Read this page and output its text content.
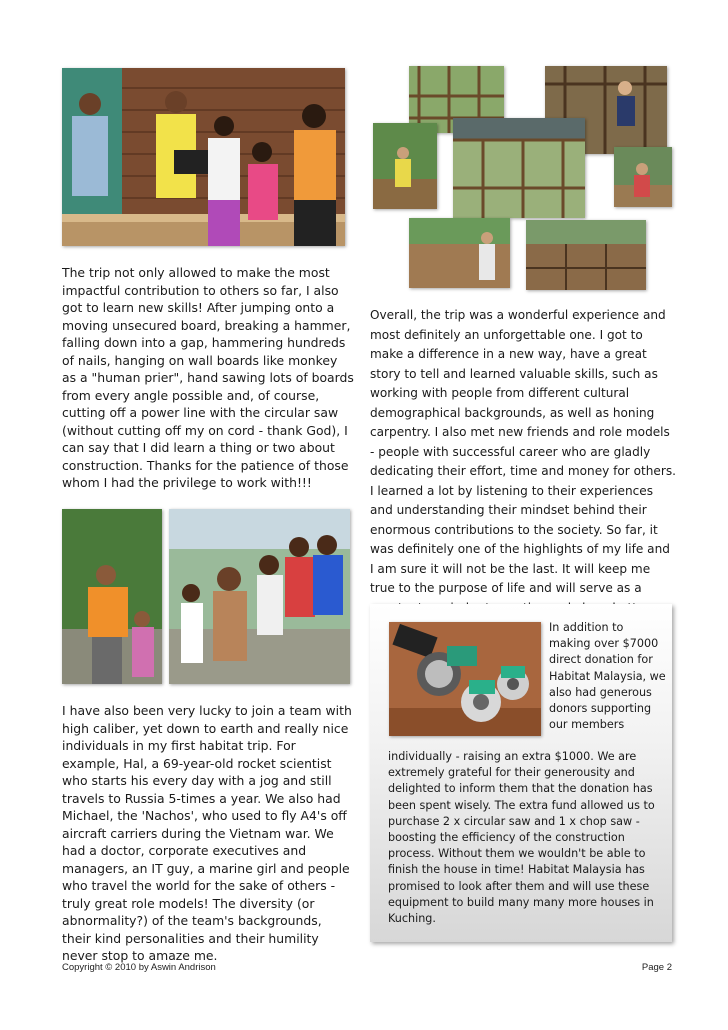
The trip not only allowed to make the most impactful contribution to others so far, I also got to learn new skills! After jumping onto a moving unsecured board, breaking a hammer, falling down into a gap, hammering hundreds of nails, hanging on wall boards like monkey as a "human prier", hand sawing lots of boards from every angle possible and, of course, cutting off a power line with the circular saw (without cutting off my on cord - thank God), I can say that I did learn a thing or two about construction. Thanks for the patience of those whom I had the privilege to work with!!!

Overall, the trip was a wonderful experience and most definitely an unforgettable one. I got to make a difference in a new way, have a great story to tell and learned valuable skills, such as working with people from different cultural demographical backgrounds, as well as honing carpentry. I also met new friends and role models - people with successful career who are gladly dedicating their effort, time and money for others. I learned a lot by listening to their experiences and understanding their mindset behind their enormous contributions to the society. So far, it was definitely one of the highlights of my life and I am sure it will not be the last. It will keep me true to the purpose of life and will serve as a

I have also been very lucky to join a team with high caliber, yet down to earth and really nice individuals in my first habitat trip. For example, Hal, a 69-year-old rocket scientist who starts his every day with a jog and still travels to Russia 5-times a year. We also had Michael, the 'Nachos', who used to fly A4's off aircraft carriers during the Vietnam war. We had a doctor, corporate executives and managers, an IT guy, a marine girl and people who travel the world for the sake of others - truly great role models! The diversity (or abnormality?) of the team's backgrounds, their kind personalities and their humility never stop to amaze me.

In addition to making over $7000 direct donation for Habitat Malaysia, we also had generous donors supporting our members

individually - raising an extra $1000. We are extremely grateful for their generousity and delighted to inform them that the donation has been spent wisely. The extra fund allowed us to purchase 2 x circular saw and 1 x chop saw - boosting the efficiency of the construction process. Without them we wouldn't be able to finish the house in time! Habitat Malaysia has promised to look after them and will use these equipment to build many many more houses in Kuching.

Copyright © 2010 by Aswin Andrison	Page 2
